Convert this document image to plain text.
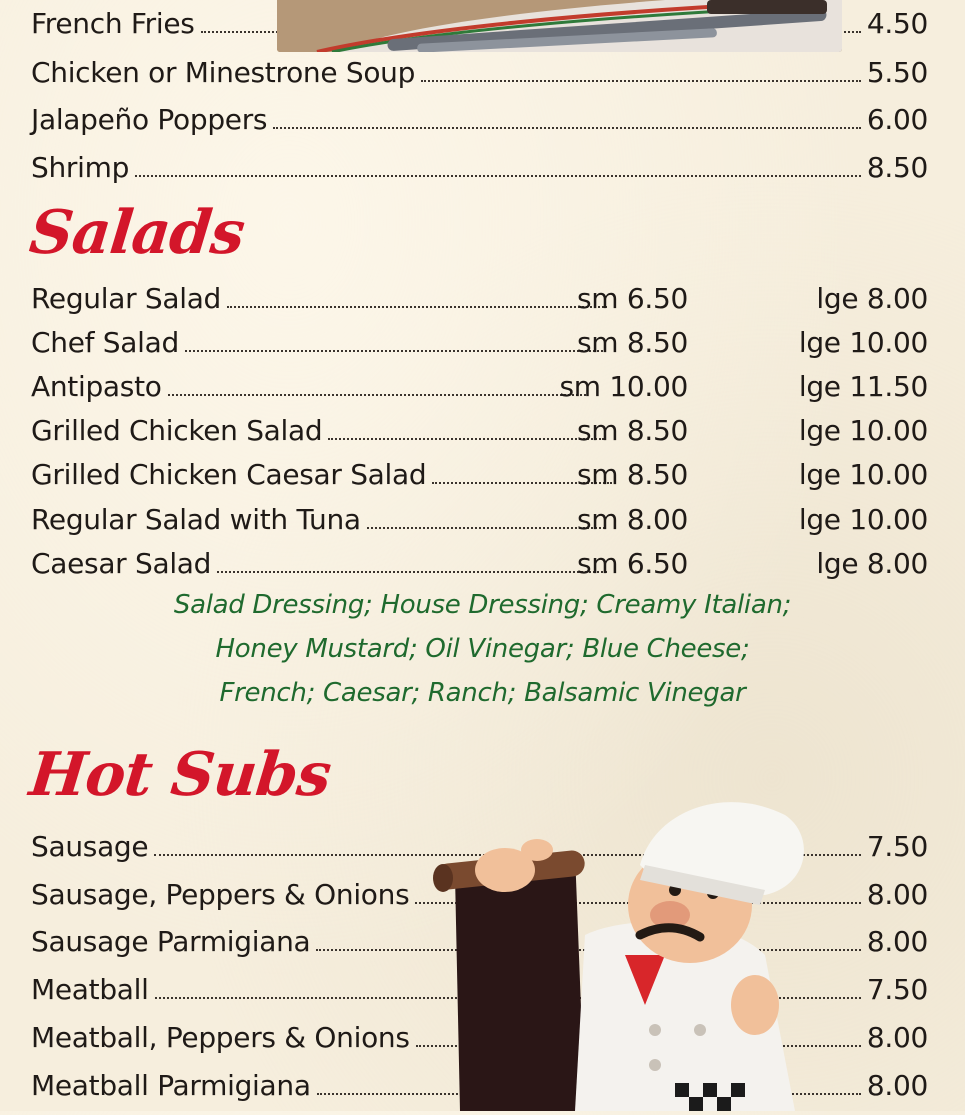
French Fries	4.50
Chicken or Minestrone Soup	5.50
Jalapeño Poppers	6.00
Shrimp	8.50
Salads
Regular Salad	sm 6.50	lge 8.00
Chef Salad	sm 8.50	lge 10.00
Antipasto	sm 10.00	lge 11.50
Grilled Chicken Salad	sm 8.50	lge 10.00
Grilled Chicken Caesar Salad	sm 8.50	lge 10.00
Regular Salad with Tuna	sm 8.00	lge 10.00
Caesar Salad	sm 6.50	lge 8.00
Salad Dressing; House Dressing; Creamy Italian;
Honey Mustard; Oil Vinegar; Blue Cheese;
French; Caesar; Ranch; Balsamic Vinegar
Hot Subs
Sausage	7.50
Sausage, Peppers & Onions	8.00
Sausage Parmigiana	8.00
Meatball	7.50
Meatball, Peppers & Onions	8.00
Meatball Parmigiana	8.00
